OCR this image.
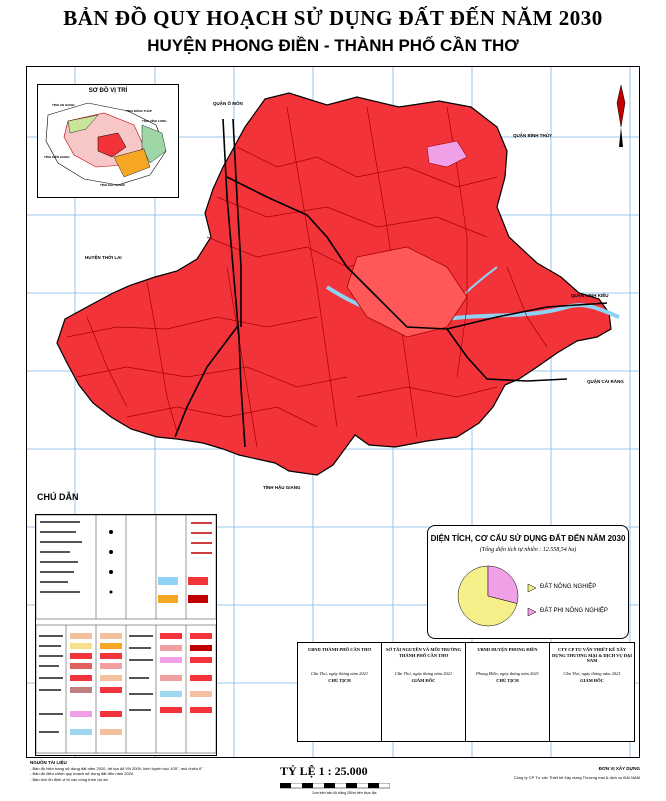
BẢN ĐỒ QUY HOẠCH SỬ DỤNG ĐẤT ĐẾN NĂM 2030
HUYỆN PHONG ĐIỀN - THÀNH PHỐ CẦN THƠ
QUẬN Ô MÔN
QUẬN BÌNH THỦY
HUYỆN THỚI LAI
QUẬN NINH KIỀU
QUẬN CÁI RĂNG
TỈNH HẬU GIANG
SƠ ĐỒ VỊ TRÍ
TỈNH AN GIANG
TỈNH ĐỒNG THÁP
TỈNH KIÊN GIANG
TỈNH VĨNH LONG
TỈNH HẬU GIANG
CHÚ DẪN
DIỆN TÍCH, CƠ CẤU SỬ DỤNG ĐẤT ĐẾN NĂM 2030
(Tổng diện tích tự nhiên : 12.558,54 ha)
ĐẤT NÔNG NGHIỆP
ĐẤT PHI NÔNG NGHIỆP
UBND THÀNH PHỐ CẦN THƠ
Cần Thơ, ngày tháng năm 2021
CHỦ TỊCH
SỞ TÀI NGUYÊN VÀ MÔI TRƯỜNG THÀNH PHỐ CẦN THƠ
Cần Thơ, ngày tháng năm 2021
GIÁM ĐỐC
UBND HUYỆN PHONG ĐIỀN
Phong Điền, ngày tháng năm 2021
CHỦ TỊCH
CTY CP TƯ VẤN THIẾT KẾ XÂY DỰNG THƯƠNG MẠI & DỊCH VỤ ĐẠI NAM
Cần Thơ, ngày tháng năm 2021
GIÁM ĐỐC
NGUỒN TÀI LIỆU
- Bản đồ hiện trạng sử dụng đất năm 2020, hệ tọa độ VN 2000, kinh tuyến trục 105°, múi chiếu 6°
- Bản đồ điều chỉnh quy hoạch sử dụng đất đến năm 2020.
- Bản tích ổn định vị trí các công trình dự án
TỶ LỆ 1 : 25.000
1cm trên bản đồ bằng 250m trên thực địa
ĐƠN VỊ XÂY DỰNG
Công ty CP Tư vấn Thiết kế Xây dựng Thương mại & dịch vụ ĐẠI NAM
